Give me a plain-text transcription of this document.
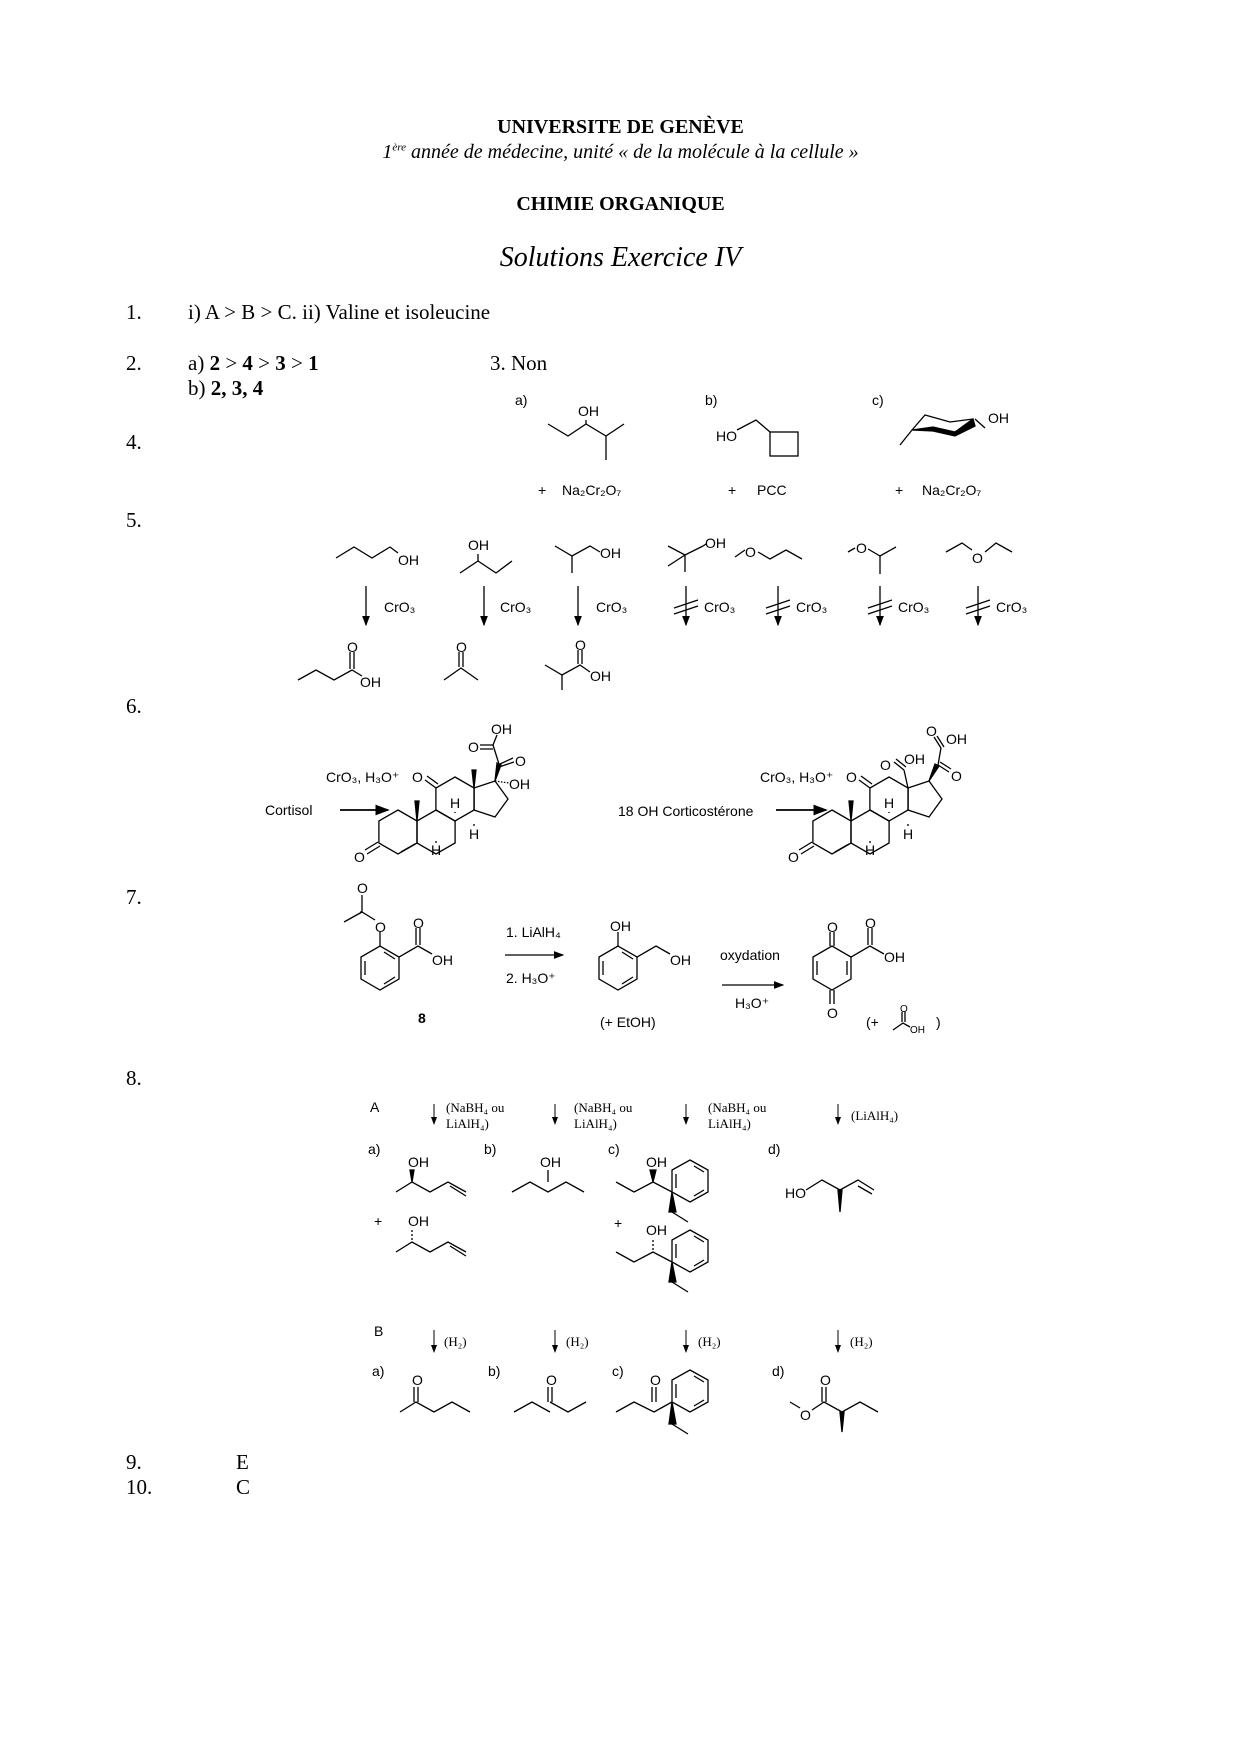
UNIVERSITE DE GENÈVE
1ère année de médecine, unité « de la molécule à la cellule »
CHIMIE ORGANIQUE
Solutions Exercice IV
1. i) A > B > C. ii) Valine et isoleucine
2. a) 2 > 4 > 3 > 1
b) 2, 3, 4
3. Non
4.
5.
6.
7.
8.
9.	E
10.	C
a)	b)	c)
OH
HO
OH
+ Na₂Cr₂O₇	+ PCC	+ Na₂Cr₂O₇
OH
OH	OH
OH
O	O
O
CrO₃	CrO₃	CrO₃	CrO₃	CrO₃	CrO₃	CrO₃
O
OH
O	O
OH
Cortisol
CrO₃, H₃O⁺
O
O
H
H
H
O
O
OH
OH
18 OH Corticostérone
CrO₃, H₃O⁺
O
O
H
H
H
O OH
O
O OH
O
O
O
OH
8
1. LiAlH₄
2. H₃O⁺
OH
OH
(+ EtOH)
oxydation
H₃O⁺
O
O
O
OH
(+
O
OH
)
A	(NaBH₄ ou
LiAlH₄)
(NaBH₄ ou
LiAlH₄)
(NaBH₄ ou
LiAlH₄)
(LiAlH₄)
a)	b)	c)	d)
OH
+ OH
OH	OH
HO
+ OH
B
(H₂)	(H₂)	(H₂)	(H₂)
a)	b)	c)	d)
O	O	O	O
O
